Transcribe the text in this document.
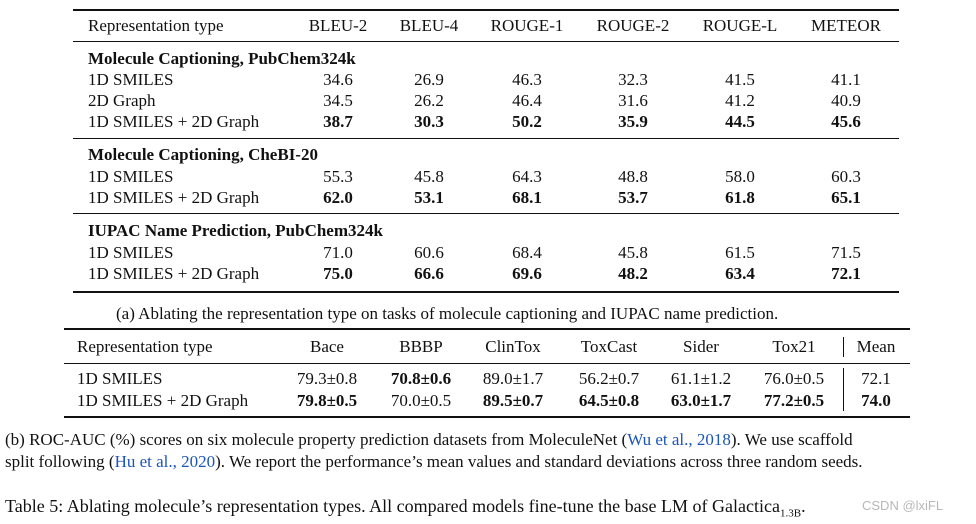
Representation type	BLEU-2	BLEU-4	ROUGE-1	ROUGE-2	ROUGE-L	METEOR
Molecule Captioning, PubChem324k
1D SMILES	34.6	26.9	46.3	32.3	41.5	41.1
2D Graph	34.5	26.2	46.4	31.6	41.2	40.9
1D SMILES + 2D Graph	38.7	30.3	50.2	35.9	44.5	45.6
Molecule Captioning, CheBI-20
1D SMILES	55.3	45.8	64.3	48.8	58.0	60.3
1D SMILES + 2D Graph	62.0	53.1	68.1	53.7	61.8	65.1
IUPAC Name Prediction, PubChem324k
1D SMILES	71.0	60.6	68.4	45.8	61.5	71.5
1D SMILES + 2D Graph	75.0	66.6	69.6	48.2	63.4	72.1
(a) Ablating the representation type on tasks of molecule captioning and IUPAC name prediction.
Representation type	Bace	BBBP	ClinTox	ToxCast	Sider	Tox21	Mean
1D SMILES	79.3±0.8	70.8±0.6	89.0±1.7	56.2±0.7	61.1±1.2	76.0±0.5	72.1
1D SMILES + 2D Graph	79.8±0.5	70.0±0.5	89.5±0.7	64.5±0.8	63.0±1.7	77.2±0.5	74.0
(b) ROC-AUC (%) scores on six molecule property prediction datasets from MoleculeNet (Wu et al., 2018). We use scaffold
split following (Hu et al., 2020). We report the performance’s mean values and standard deviations across three random seeds.
Table 5: Ablating molecule’s representation types. All compared models fine-tune the base LM of Galactica$_{1.3B}$.	CSDN @lxiFL
